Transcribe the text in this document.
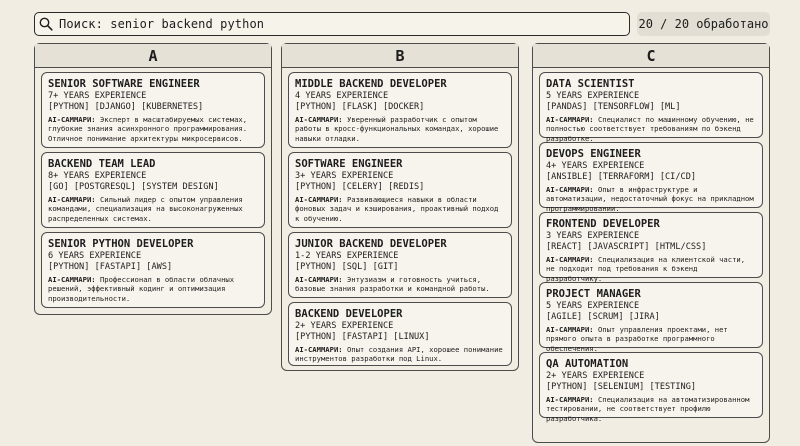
Поиск: senior backend python	20 / 20 обработано
A
SENIOR SOFTWARE ENGINEER
7+ YEARS EXPERIENCE
[PYTHON] [DJANGO] [KUBERNETES]
AI-САММАРИ: Эксперт в масштабируемых системах, глубокие знания асинхронного программирования. Отличное понимание архитектуры микросервисов.
BACKEND TEAM LEAD
8+ YEARS EXPERIENCE
[GO] [POSTGRESQL] [SYSTEM DESIGN]
AI-САММАРИ: Сильный лидер с опытом управления командами, специализация на высоконагруженных распределенных системах.
SENIOR PYTHON DEVELOPER
6 YEARS EXPERIENCE
[PYTHON] [FASTAPI] [AWS]
AI-САММАРИ: Профессионал в области облачных решений, эффективный кодинг и оптимизация производительности.
B
MIDDLE BACKEND DEVELOPER
4 YEARS EXPERIENCE
[PYTHON] [FLASK] [DOCKER]
AI-САММАРИ: Уверенный разработчик с опытом работы в кросс-функциональных командах, хорошие навыки отладки.
SOFTWARE ENGINEER
3+ YEARS EXPERIENCE
[PYTHON] [CELERY] [REDIS]
AI-САММАРИ: Развивающиеся навыки в области фоновых задач и кэширования, проактивный подход к обучению.
JUNIOR BACKEND DEVELOPER
1-2 YEARS EXPERIENCE
[PYTHON] [SQL] [GIT]
AI-САММАРИ: Энтузиазм и готовность учиться, базовые знания разработки и командной работы.
BACKEND DEVELOPER
2+ YEARS EXPERIENCE
[PYTHON] [FASTAPI] [LINUX]
AI-САММАРИ: Опыт создания API, хорошее понимание инструментов разработки под Linux.
C
DATA SCIENTIST
5 YEARS EXPERIENCE
[PANDAS] [TENSORFLOW] [ML]
AI-САММАРИ: Специалист по машинному обучению, не полностью соответствует требованиям по бэкенд разработке.
DEVOPS ENGINEER
4+ YEARS EXPERIENCE
[ANSIBLE] [TERRAFORM] [CI/CD]
AI-САММАРИ: Опыт в инфраструктуре и автоматизации, недостаточный фокус на прикладном программировании.
FRONTEND DEVELOPER
3 YEARS EXPERIENCE
[REACT] [JAVASCRIPT] [HTML/CSS]
AI-САММАРИ: Специализация на клиентской части, не подходит под требования к бэкенд разработчику.
PROJECT MANAGER
5 YEARS EXPERIENCE
[AGILE] [SCRUM] [JIRA]
AI-САММАРИ: Опыт управления проектами, нет прямого опыта в разработке программного обеспечения.
QA AUTOMATION
2+ YEARS EXPERIENCE
[PYTHON] [SELENIUM] [TESTING]
AI-САММАРИ: Специализация на автоматизированном тестировании, не соответствует профилю разработчика.
